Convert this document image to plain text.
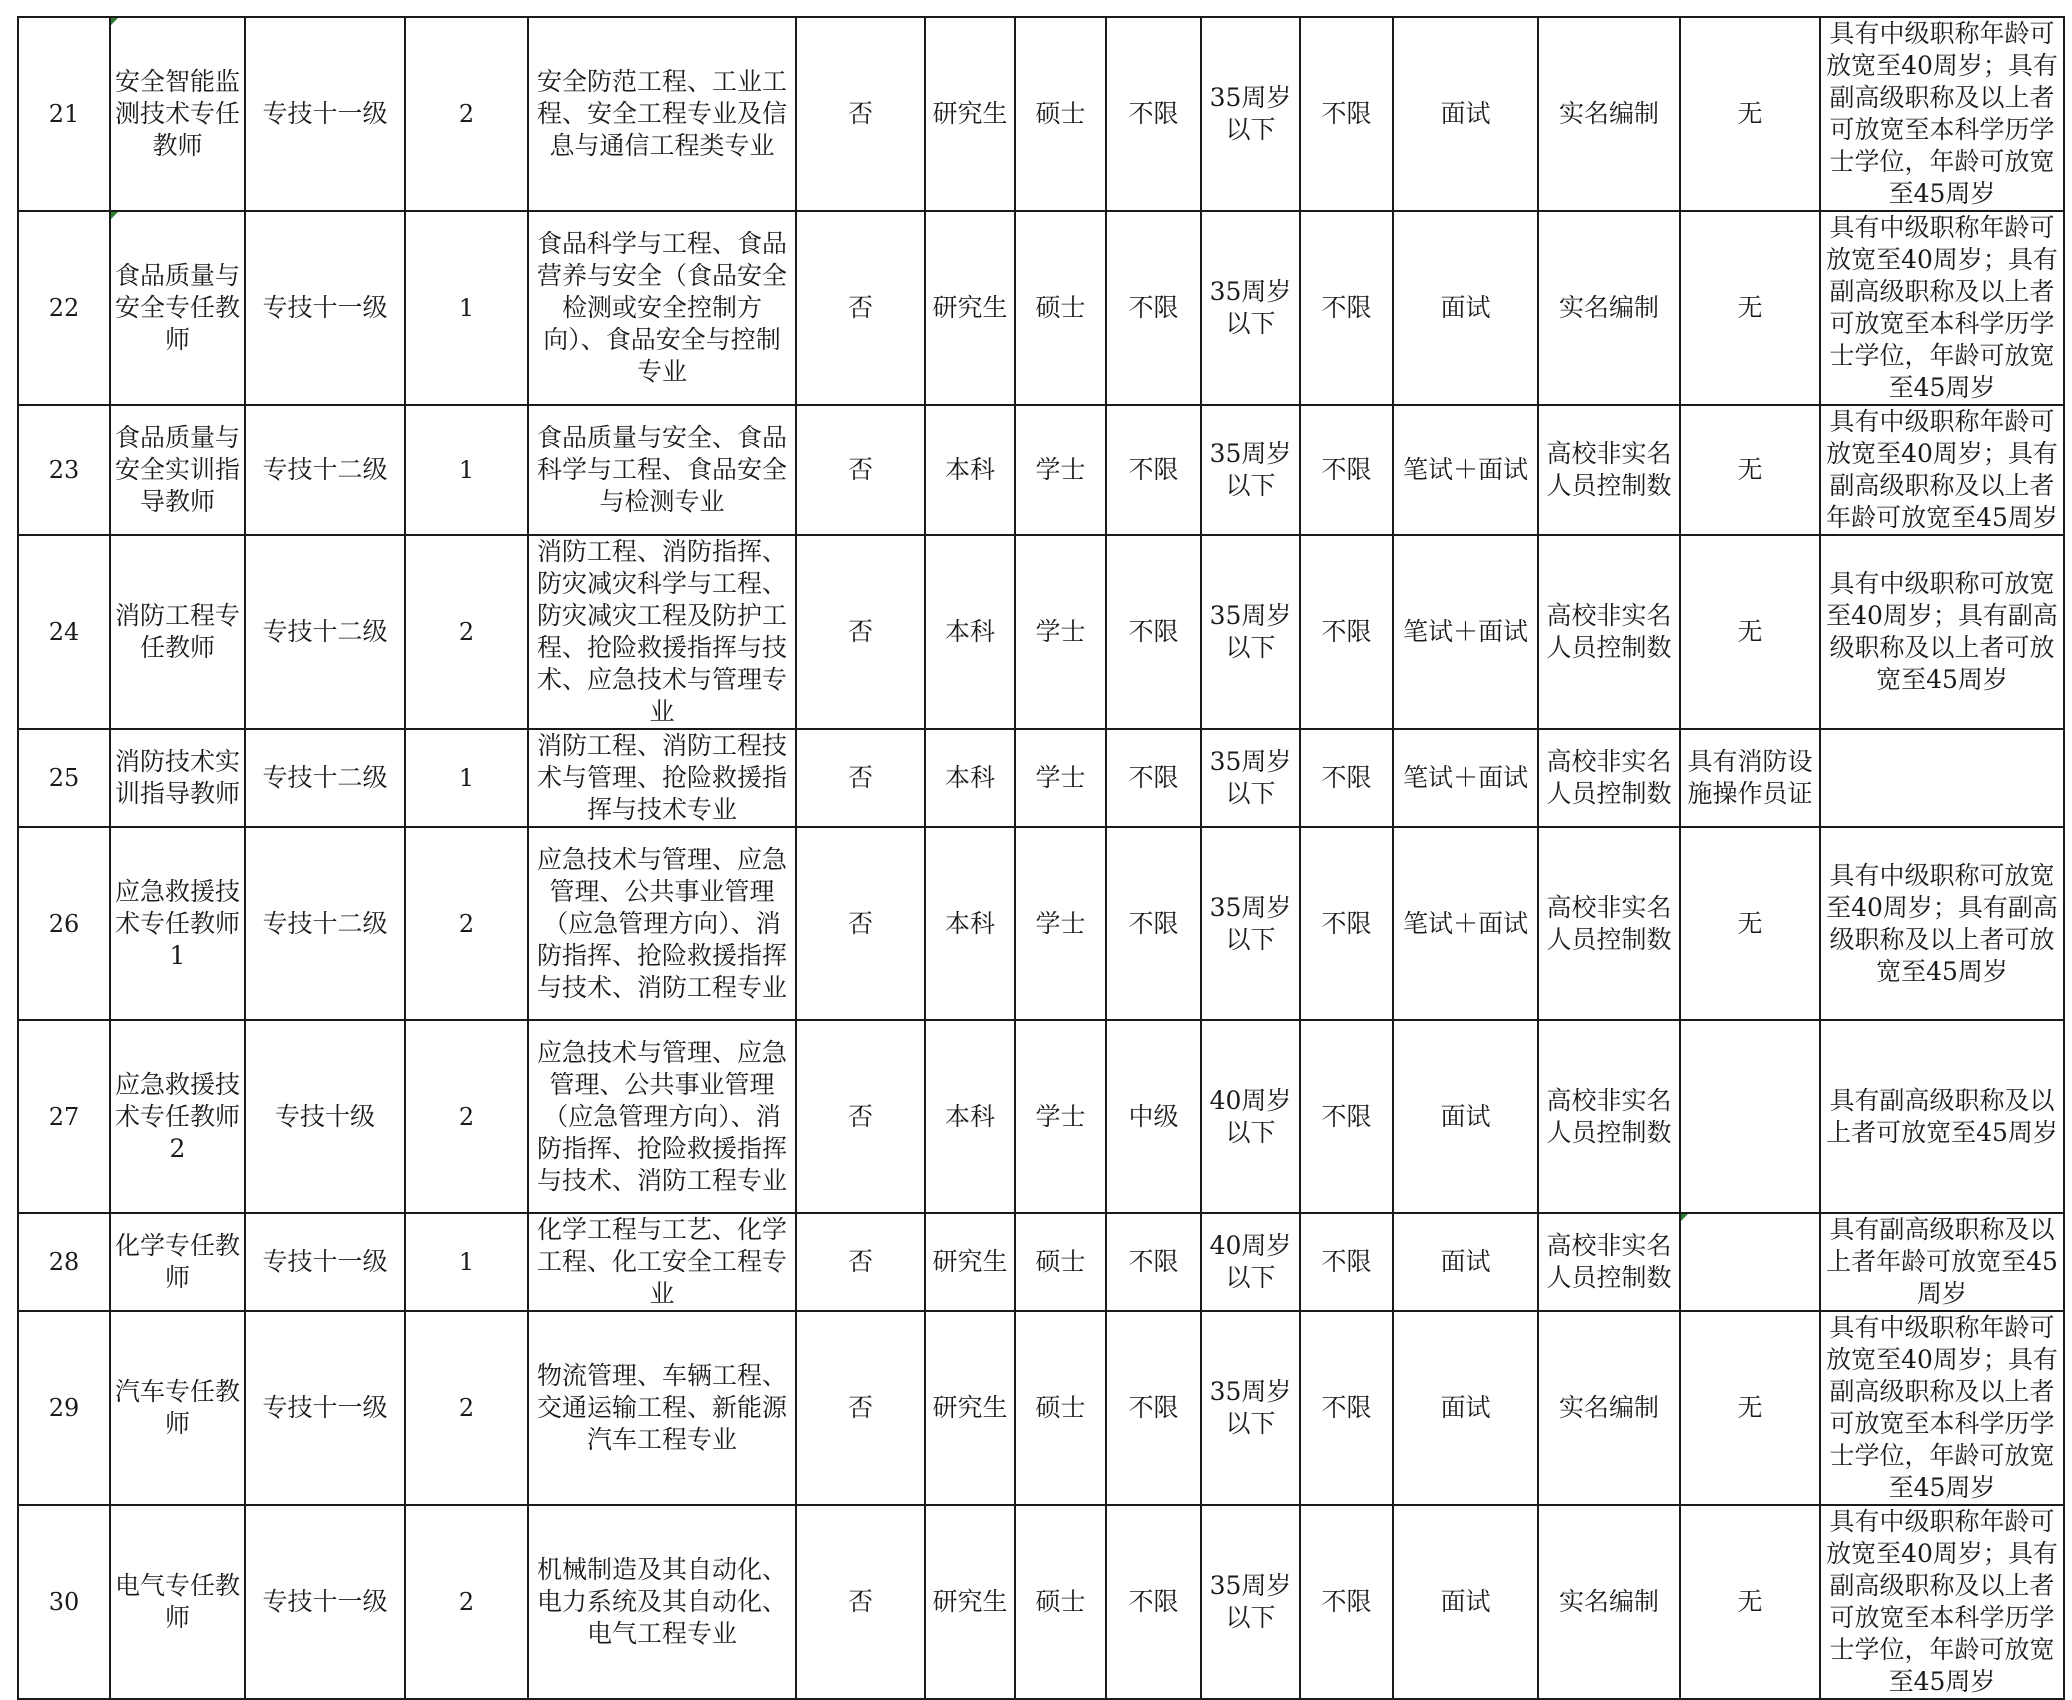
21	安全智能监测技术专任教师	专技十一级	2	安全防范工程、工业工程、安全工程专业及信息与通信工程类专业	否	研究生	硕士	不限	35周岁以下	不限	面试	实名编制	无	具有中级职称年龄可放宽至40周岁；具有副高级职称及以上者可放宽至本科学历学士学位，年龄可放宽至45周岁
22	食品质量与安全专任教师	专技十一级	1	食品科学与工程、食品营养与安全（食品安全检测或安全控制方向）、食品安全与控制专业	否	研究生	硕士	不限	35周岁以下	不限	面试	实名编制	无	具有中级职称年龄可放宽至40周岁；具有副高级职称及以上者可放宽至本科学历学士学位，年龄可放宽至45周岁
23	食品质量与安全实训指导教师	专技十二级	1	食品质量与安全、食品科学与工程、食品安全与检测专业	否	本科	学士	不限	35周岁以下	不限	笔试＋面试	高校非实名人员控制数	无	具有中级职称年龄可放宽至40周岁；具有副高级职称及以上者年龄可放宽至45周岁
24	消防工程专任教师	专技十二级	2	消防工程、消防指挥、防灾减灾科学与工程、防灾减灾工程及防护工程、抢险救援指挥与技术、应急技术与管理专业	否	本科	学士	不限	35周岁以下	不限	笔试＋面试	高校非实名人员控制数	无	具有中级职称可放宽至40周岁；具有副高级职称及以上者可放宽至45周岁
25	消防技术实训指导教师	专技十二级	1	消防工程、消防工程技术与管理、抢险救援指挥与技术专业	否	本科	学士	不限	35周岁以下	不限	笔试＋面试	高校非实名人员控制数	具有消防设施操作员证	
26	应急救援技术专任教师1	专技十二级	2	应急技术与管理、应急管理、公共事业管理（应急管理方向）、消防指挥、抢险救援指挥与技术、消防工程专业	否	本科	学士	不限	35周岁以下	不限	笔试＋面试	高校非实名人员控制数	无	具有中级职称可放宽至40周岁；具有副高级职称及以上者可放宽至45周岁
27	应急救援技术专任教师2	专技十级	2	应急技术与管理、应急管理、公共事业管理（应急管理方向）、消防指挥、抢险救援指挥与技术、消防工程专业	否	本科	学士	中级	40周岁以下	不限	面试	高校非实名人员控制数		具有副高级职称及以上者可放宽至45周岁
28	化学专任教师	专技十一级	1	化学工程与工艺、化学工程、化工安全工程专业	否	研究生	硕士	不限	40周岁以下	不限	面试	高校非实名人员控制数		具有副高级职称及以上者年龄可放宽至45周岁
29	汽车专任教师	专技十一级	2	物流管理、车辆工程、交通运输工程、新能源汽车工程专业	否	研究生	硕士	不限	35周岁以下	不限	面试	实名编制	无	具有中级职称年龄可放宽至40周岁；具有副高级职称及以上者可放宽至本科学历学士学位，年龄可放宽至45周岁
30	电气专任教师	专技十一级	2	机械制造及其自动化、电力系统及其自动化、电气工程专业	否	研究生	硕士	不限	35周岁以下	不限	面试	实名编制	无	具有中级职称年龄可放宽至40周岁；具有副高级职称及以上者可放宽至本科学历学士学位，年龄可放宽至45周岁
